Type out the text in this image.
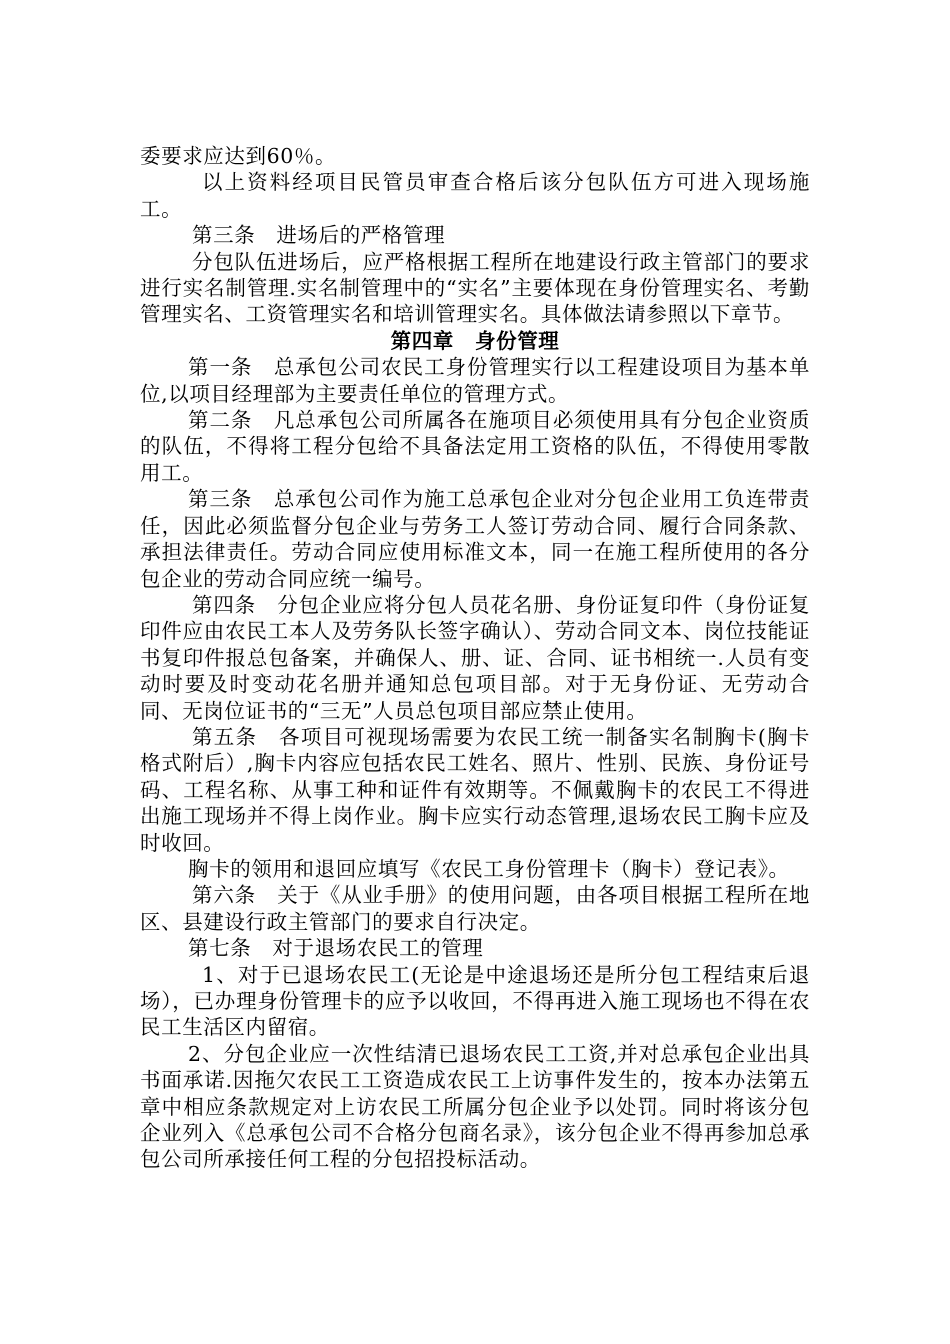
委要求应达到60％。

以上资料经项目民管员审查合格后该分包队伍方可进入现场施工。

第三条　进场后的严格管理

分包队伍进场后，应严格根据工程所在地建设行政主管部门的要求进行实名制管理.实名制管理中的“实名”主要体现在身份管理实名、考勤管理实名、工资管理实名和培训管理实名。具体做法请参照以下章节。

第四章　身份管理

第一条　总承包公司农民工身份管理实行以工程建设项目为基本单位,以项目经理部为主要责任单位的管理方式。

第二条　凡总承包公司所属各在施项目必须使用具有分包企业资质的队伍，不得将工程分包给不具备法定用工资格的队伍，不得使用零散用工。

第三条　总承包公司作为施工总承包企业对分包企业用工负连带责任，因此必须监督分包企业与劳务工人签订劳动合同、履行合同条款、承担法律责任。劳动合同应使用标准文本，同一在施工程所使用的各分包企业的劳动合同应统一编号。

第四条　分包企业应将分包人员花名册、身份证复印件（身份证复印件应由农民工本人及劳务队长签字确认）、劳动合同文本、岗位技能证书复印件报总包备案，并确保人、册、证、合同、证书相统一.人员有变动时要及时变动花名册并通知总包项目部。对于无身份证、无劳动合同、无岗位证书的“三无”人员总包项目部应禁止使用。

第五条　各项目可视现场需要为农民工统一制备实名制胸卡(胸卡格式附后）,胸卡内容应包括农民工姓名、照片、性别、民族、身份证号码、工程名称、从事工种和证件有效期等。不佩戴胸卡的农民工不得进出施工现场并不得上岗作业。胸卡应实行动态管理,退场农民工胸卡应及时收回。

胸卡的领用和退回应填写《农民工身份管理卡（胸卡）登记表》。

第六条　关于《从业手册》的使用问题，由各项目根据工程所在地区、县建设行政主管部门的要求自行决定。

第七条　对于退场农民工的管理

1、对于已退场农民工(无论是中途退场还是所分包工程结束后退场），已办理身份管理卡的应予以收回，不得再进入施工现场也不得在农民工生活区内留宿。

2、分包企业应一次性结清已退场农民工工资,并对总承包企业出具书面承诺.因拖欠农民工工资造成农民工上访事件发生的，按本办法第五章中相应条款规定对上访农民工所属分包企业予以处罚。同时将该分包企业列入《总承包公司不合格分包商名录》，该分包企业不得再参加总承包公司所承接任何工程的分包招投标活动。
